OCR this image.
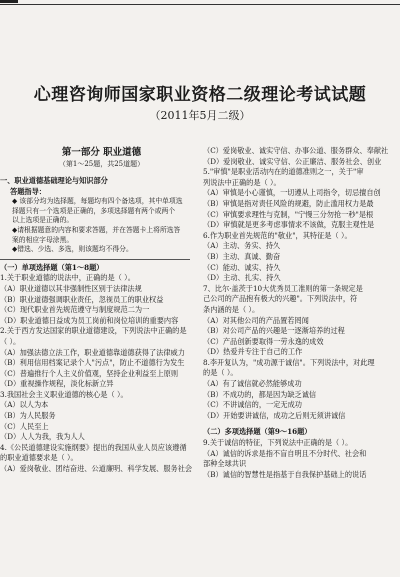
心理咨询师国家职业资格二级理论考试试题
（2011年5月二级）
第一部分 职业道德
（第1～25题，共25道题）
一、职业道德基础理论与知识部分
答题指导：
◆ 该部分均为选择题，每题均有四个备选项，其中单项选
择题只有一个选项是正确的，多项选择题有两个或两个
以上选项是正确的。
◆请根据题意的内容和要求答题，并在答题卡上将所选答
案的相应字母涂黑。
◆错选、少选、多选，则该题均不得分。
（一）单项选择题（第1～8题）
1.关于职业道德的说法中，正确的是（ ）。
（A）职业道德以其非强制性区别于法律法规
（B）职业道德强调职业责任，忽视员工的职业权益
（C）现代职业首先规范遵守与制度规范二为一
（D）职业道德日益成为员工岗前和岗位培训的重要内容
2.关于西方发达国家的职业道德建设，下列说法中正确的是
（ ）。
（A）加强法德立法工作，职业道德靠道德获得了法律威力
（B）利用信用档案记录个人"污点"，防止不道德行为发生
（C）普遍推行个人主义价值观，坚持企业利益至上原则
（D）重视操作规程，淡化标新立异
3.我国社会主义职业道德的核心是（ ）。
（A）以人为本
（B）为人民服务
（C）人民至上
（D）人人为我，我为人人
4.《公民道德建设实施纲要》提出的我国从业人员应该遵循
的职业道德要求是（ ）。
（A）爱岗敬业、团结奋进、公道廉明、科学发展、服务社会
（C）爱岗敬业、诚实守信、办事公道、服务群众、奉献社
（D）爱岗敬业、诚实守信、公正廉洁、服务社会、创业
5."审慎"是职业活动内在的道德准则之一，关于"审
列说法中正确的是（ ）。
（A）审慎是小心谨慎，一切遵从上司指令，切忌擅自创
（B）审慎是指对责任风险的规避，防止滥用权力是最
（C）审慎要求理性与克制，"宁慢三分勿抢一秒"是根
（D）审慎就是更多考虑事情求不该做，克服主观性是
6.作为职业首先规范的"敬业"，其特征是（ ）。
（A）主动、务实、持久
（B）主动、真诚、勤奋
（C）能动、诚实、持久
（D）主动、扎实、持久
7、比尔·盖茨于10大优秀员工准则的第一条规定是
己公司的产品抱有极大的兴趣"。下列说法中，符
条内涵的是（ ）。
（A）对其他公司的产品置若罔闻
（B）对公司产品的兴趣是一逐渐培养的过程
（C）产品创新要取得一劳永逸的成效
（D）热爱并专注于自己的工作
8.李开复认为，"成功源于诚信"。下列说法中，对此理
的是（ ）。
（A）有了诚信就必然能够成功
（B）不成功的，都是因为缺乏诚信
（C）不讲诚信的，一定无成功
（D）开始要讲诚信，成功之后则无须讲诚信
（二）多项选择题（第9～16题）
9.关于诚信的特征，下列说法中正确的是（ ）。
（A）诚信的诉求是指不盲自明且不分时代、社会和
部种全球共识
（B）诚信的智慧性是指基于自我保护基础上的说话
